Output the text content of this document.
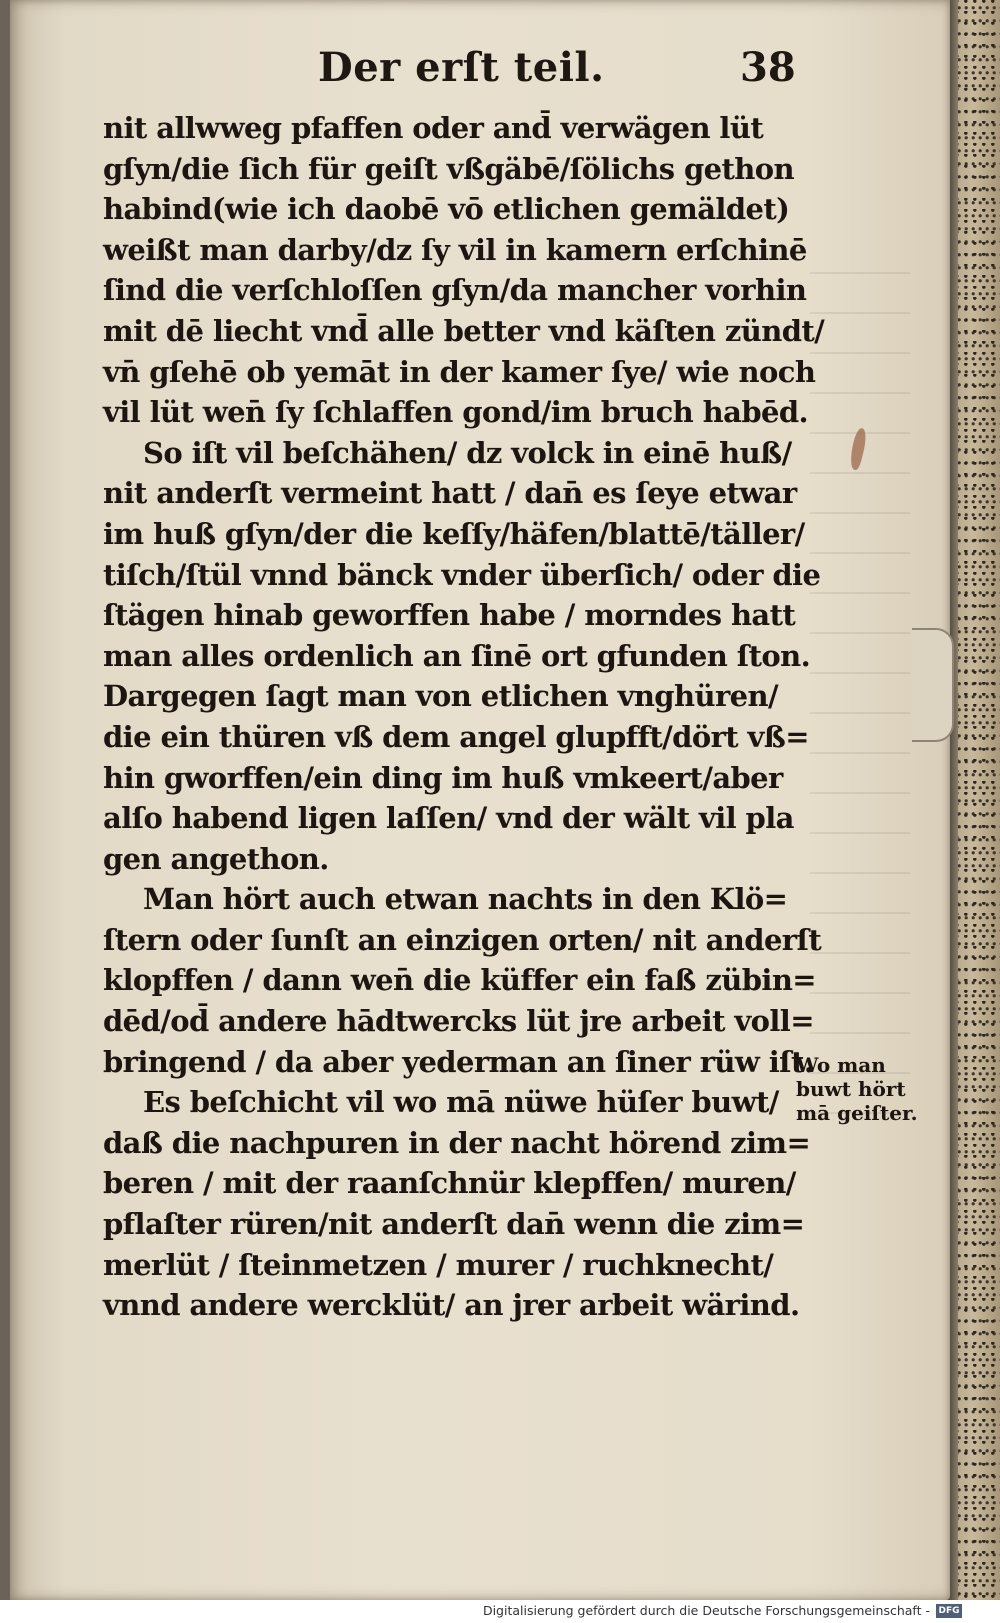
Der erſt teil.	38
nit allwweg pfaffen oder and̄ verwägen lüt
gſyn/die ſich für geiſt vßgäbē/ſölichs gethon
habind(wie ich daobē vō etlichen gemäldet)
weißt man darby/dz ſy vil in kamern erſchinē
ſind die verſchloſſen gſyn/da mancher vorhin
mit dē liecht vnd̄ alle better vnd käſten zündt/
vn̄ gſehē ob yemāt in der kamer ſye/ wie noch
vil lüt wen̄ ſy ſchlaffen gond/im bruch habēd.
So iſt vil beſchähen/ dz volck in einē huß/
nit anderſt vermeint hatt / dan̄ es ſeye etwar
im huß gſyn/der die keſſy/häfen/blattē/täller/
tiſch/ſtül vnnd bänck vnder überſich/ oder die
ſtägen hinab geworffen habe / morndes hatt
man alles ordenlich an ſinē ort gfunden ſton.
Dargegen ſagt man von etlichen vnghüren/
die ein thüren vß dem angel glupfft/dört vß=
hin gworffen/ein ding im huß vmkeert/aber
alſo habend ligen laſſen/ vnd der wält vil pla
gen angethon.
Man hört auch etwan nachts in den Klö=
ſtern oder ſunſt an einzigen orten/ nit anderſt
klopffen / dann wen̄ die küffer ein faß zübin=
dēd/od̄ andere hādtwercks lüt jre arbeit voll=
bringend / da aber yederman an ſiner rüw iſt.
Es beſchicht vil wo mā nüwe hüſer buwt/
daß die nachpuren in der nacht hörend zim=
beren / mit der raanſchnür klepffen/ muren/
pflaſter rüren/nit anderſt dan̄ wenn die zim=
merlüt / ſteinmetzen / murer / ruchknecht/
vnnd andere wercklüt/ an jrer arbeit wärind.
Wo man
buwt hört
mā geiſter.
Digitalisierung gefördert durch die Deutsche Forschungsgemeinschaft - DFG
